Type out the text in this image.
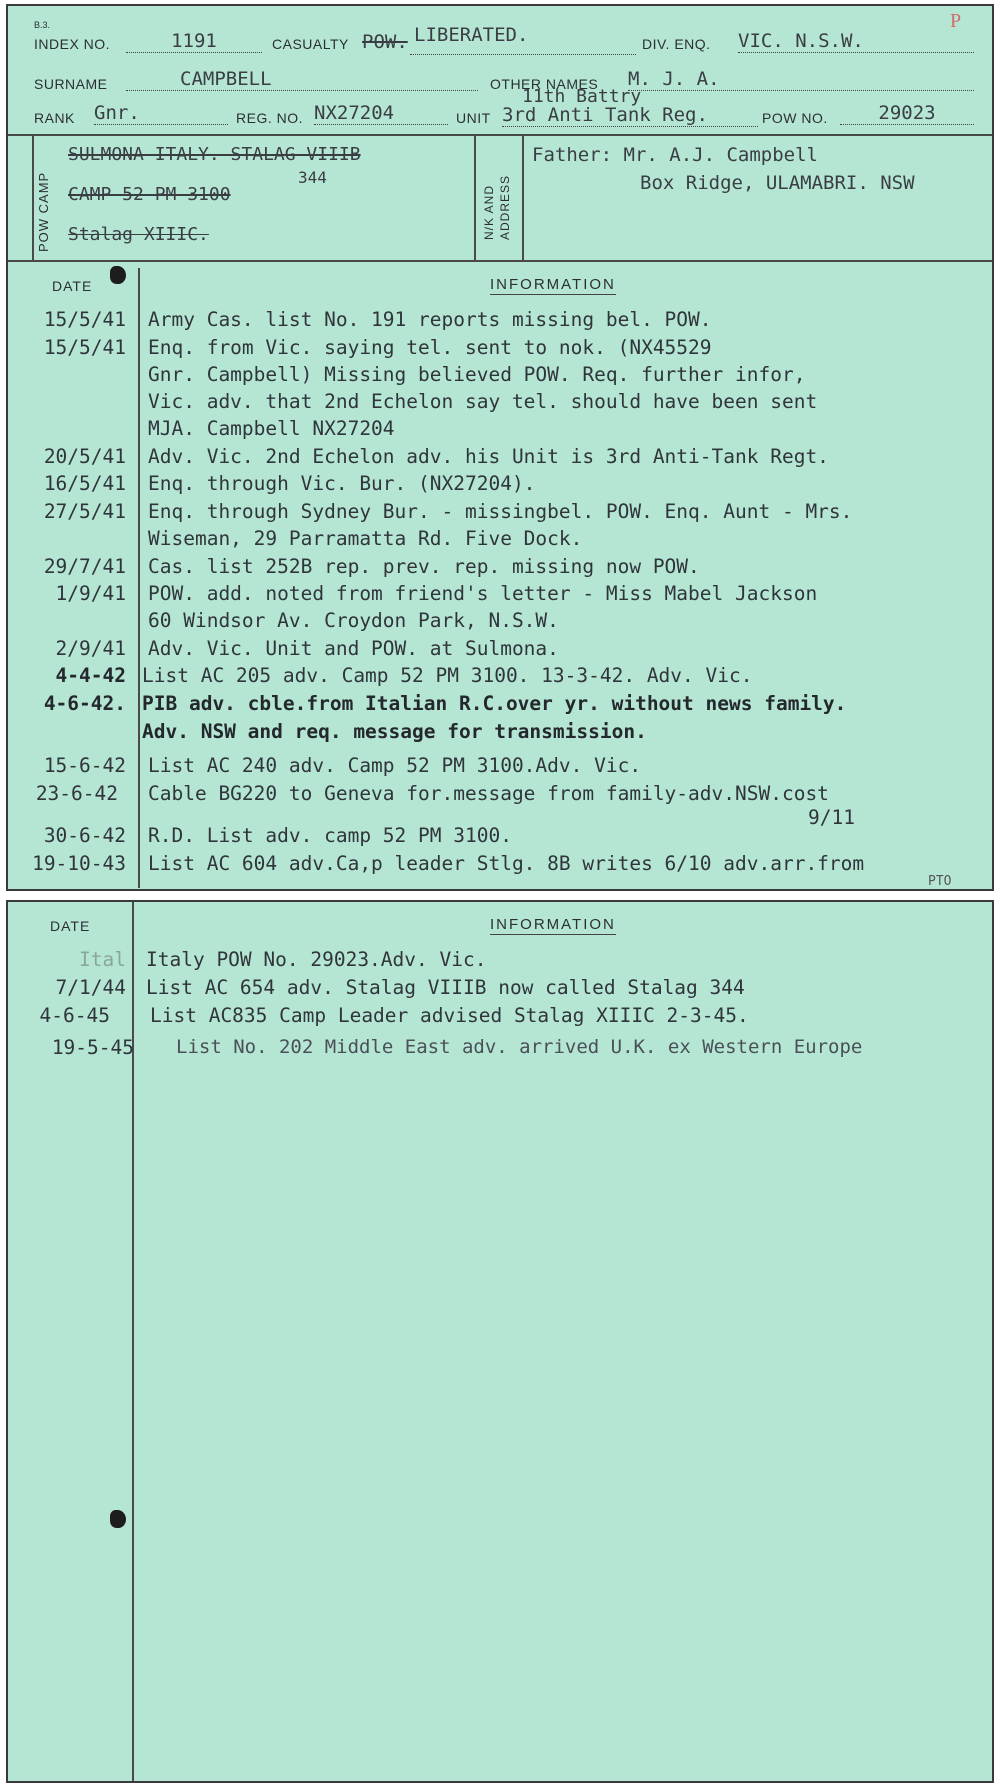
B.3.	P
INDEX NO.	1191	CASUALTY POW. LIBERATED.	DIV. ENQ. VIC. N.S.W.
SURNAME	CAMPBELL	OTHER NAMES M. J. A.
RANK Gnr.	REG. NO. NX27204	UNIT
11th Battry
3rd Anti Tank Reg.	POW NO.	29023
POW CAMP
SULMONA ITALY. STALAG VIIIB
344
CAMP 52 PM 3100
Stalag XIIIC.	N/K AND ADDRESS
Father: Mr. A.J. Campbell
Box Ridge, ULAMABRI. NSW
DATE	INFORMATION
15/5/41 Army Cas. list No. 191 reports missing bel. POW.
15/5/41 Enq. from Vic. saying tel. sent to nok. (NX45529
Gnr. Campbell) Missing believed POW. Req. further infor,
Vic. adv. that 2nd Echelon say tel. should have been sent
MJA. Campbell NX27204
20/5/41 Adv. Vic. 2nd Echelon adv. his Unit is 3rd Anti-Tank Regt.
16/5/41 Enq. through Vic. Bur. (NX27204).
27/5/41 Enq. through Sydney Bur. - missingbel. POW. Enq. Aunt - Mrs.
Wiseman, 29 Parramatta Rd. Five Dock.
29/7/41 Cas. list 252B rep. prev. rep. missing now POW.
1/9/41 POW. add. noted from friend's letter - Miss Mabel Jackson
60 Windsor Av. Croydon Park, N.S.W.
2/9/41 Adv. Vic. Unit and POW. at Sulmona.
4-4-42 List AC 205 adv. Camp 52 PM 3100. 13-3-42. Adv. Vic.
4-6-42. PIB adv. cble.from Italian R.C.over yr. without news family.
Adv. NSW and req. message for transmission.
15-6-42 List AC 240 adv. Camp 52 PM 3100.Adv. Vic.
23-6-42 Cable BG220 to Geneva for.message from family-adv.NSW.cost
9/11
30-6-42 R.D. List adv. camp 52 PM 3100.
19-10-43 List AC 604 adv.Ca,p leader Stlg. 8B writes 6/10 adv.arr.from
PTO
DATE	INFORMATION
Ital Italy POW No. 29023.Adv. Vic.
7/1/44 List AC 654 adv. Stalag VIIIB now called Stalag 344
4-6-45 List AC835 Camp Leader advised Stalag XIIIC 2-3-45.
19-5-45 List No. 202 Middle East adv. arrived U.K. ex Western Europe
